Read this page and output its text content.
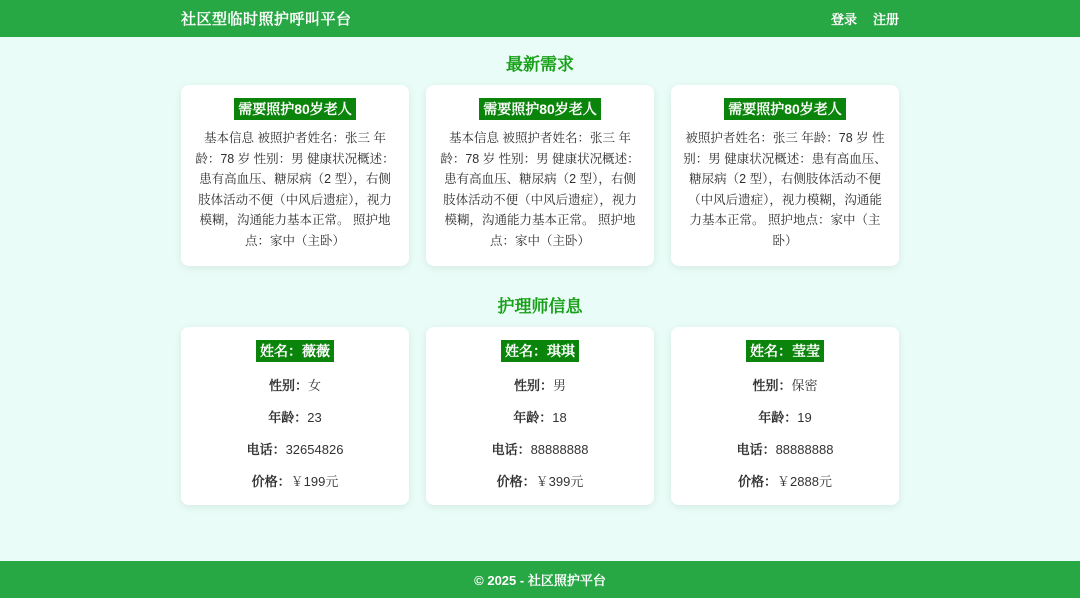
社区型临时照护呼叫平台	登录 注册
最新需求
需要照护80岁老人
基本信息 被照护者姓名：张三 年龄：78 岁 性别：男 健康状况概述：患有高血压、糖尿病（2 型），右侧肢体活动不便（中风后遗症），视力模糊，沟通能力基本正常。 照护地点：家中（主卧）
需要照护80岁老人
基本信息 被照护者姓名：张三 年龄：78 岁 性别：男 健康状况概述：患有高血压、糖尿病（2 型），右侧肢体活动不便（中风后遗症），视力模糊，沟通能力基本正常。 照护地点：家中（主卧）
需要照护80岁老人
被照护者姓名：张三 年龄：78 岁 性别：男 健康状况概述：患有高血压、糖尿病（2 型），右侧肢体活动不便（中风后遗症），视力模糊，沟通能力基本正常。 照护地点：家中（主卧）
护理师信息
姓名：薇薇
性别：女
年龄：23
电话：32654826
价格：￥199元
姓名：琪琪
性别：男
年龄：18
电话：88888888
价格：￥399元
姓名：莹莹
性别：保密
年龄：19
电话：88888888
价格：￥2888元
© 2025 - 社区照护平台
